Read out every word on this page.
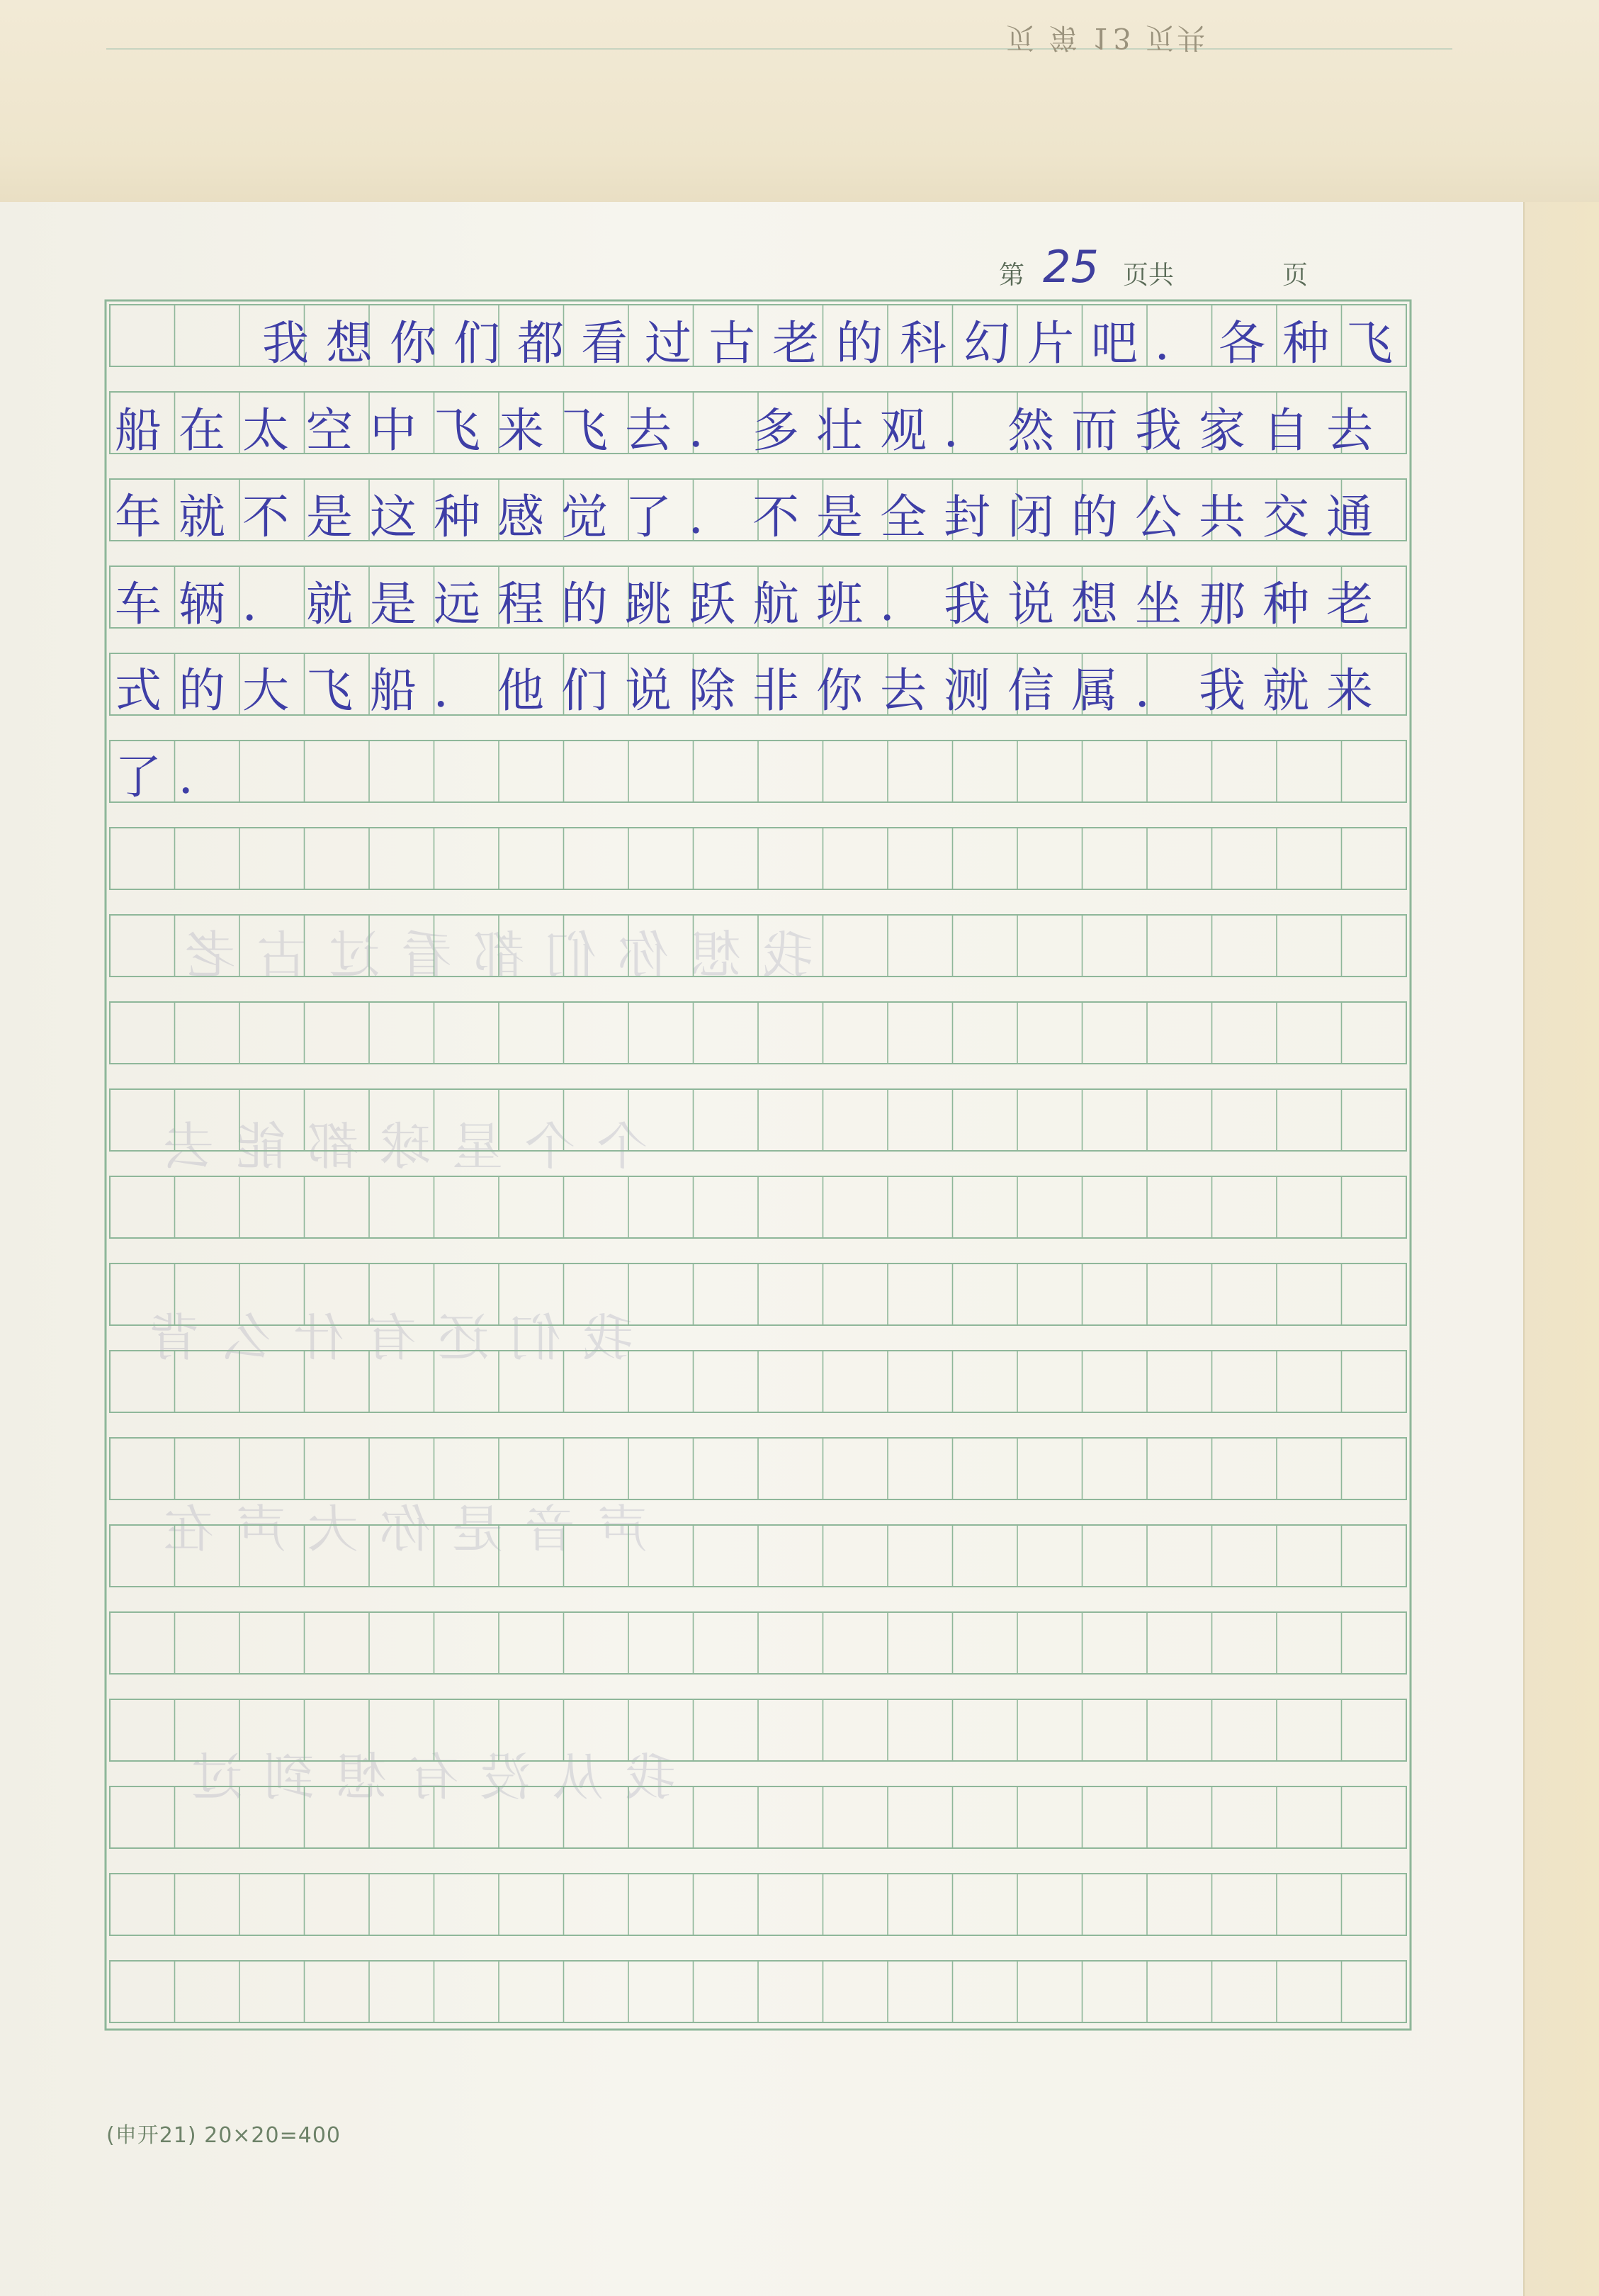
页 第 13 页共
我想你们都看过古老
个个星球都能去
我们还有什么背
声音是你大声在
我从没有想到过
第 25 页共	页
我想你们都看过古老的科幻片吧．各种飞
船在太空中飞来飞去．多壮观．然而我家自去
年就不是这种感觉了．不是全封闭的公共交通
车辆．就是远程的跳跃航班．我说想坐那种老
式的大飞船．他们说除非你去测信属．我就来
了．
(申开21) 20×20=400
